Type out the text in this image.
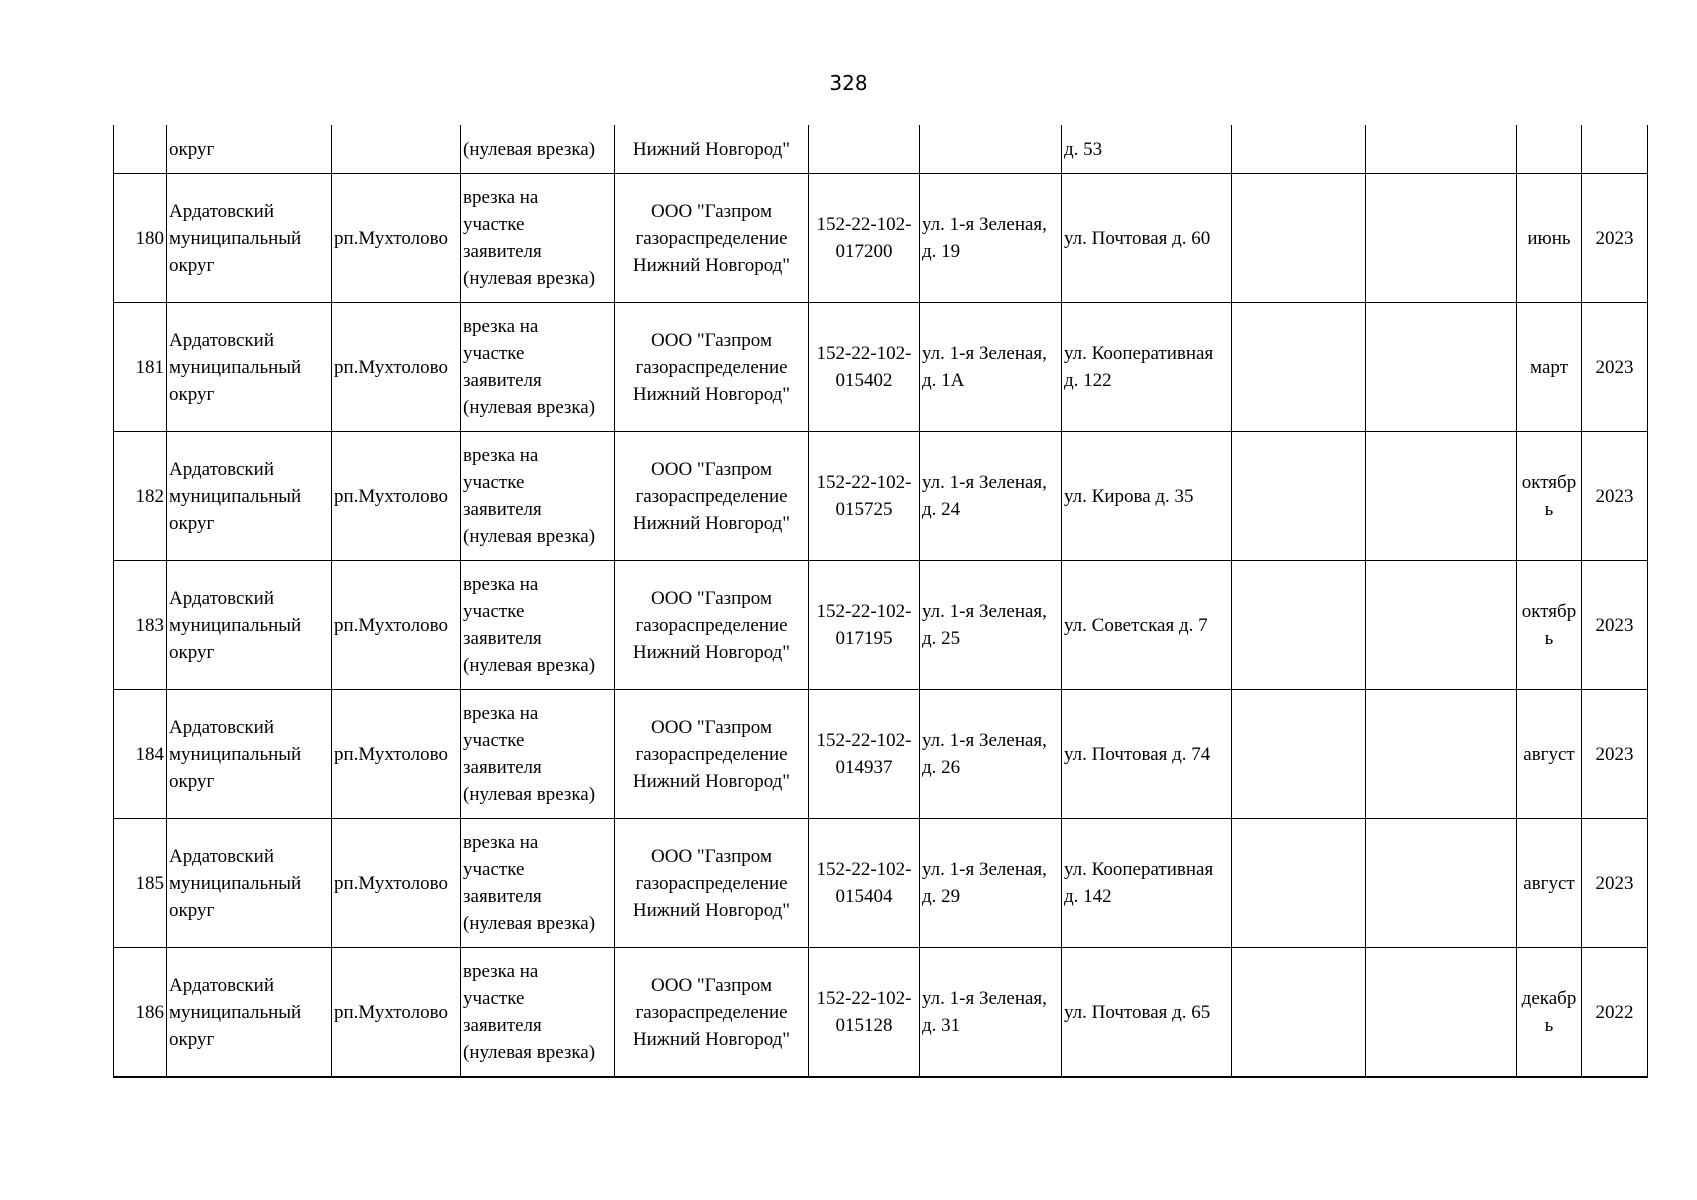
328
	округ		(нулевая врезка)	Нижний Новгород"			д. 53				
180	Ардатовский
муниципальный
округ	рп.Мухтолово	врезка на
участке
заявителя
(нулевая врезка)	ООО "Газпром
газораспределение
Нижний Новгород"	152-22-102-
017200	ул. 1-я Зеленая,
д. 19	ул. Почтовая д. 60			июнь	2023
181	Ардатовский
муниципальный
округ	рп.Мухтолово	врезка на
участке
заявителя
(нулевая врезка)	ООО "Газпром
газораспределение
Нижний Новгород"	152-22-102-
015402	ул. 1-я Зеленая,
д. 1А	ул. Кооперативная
д. 122			март	2023
182	Ардатовский
муниципальный
округ	рп.Мухтолово	врезка на
участке
заявителя
(нулевая врезка)	ООО "Газпром
газораспределение
Нижний Новгород"	152-22-102-
015725	ул. 1-я Зеленая,
д. 24	ул. Кирова д. 35			октябр
ь	2023
183	Ардатовский
муниципальный
округ	рп.Мухтолово	врезка на
участке
заявителя
(нулевая врезка)	ООО "Газпром
газораспределение
Нижний Новгород"	152-22-102-
017195	ул. 1-я Зеленая,
д. 25	ул. Советская д. 7			октябр
ь	2023
184	Ардатовский
муниципальный
округ	рп.Мухтолово	врезка на
участке
заявителя
(нулевая врезка)	ООО "Газпром
газораспределение
Нижний Новгород"	152-22-102-
014937	ул. 1-я Зеленая,
д. 26	ул. Почтовая д. 74			август	2023
185	Ардатовский
муниципальный
округ	рп.Мухтолово	врезка на
участке
заявителя
(нулевая врезка)	ООО "Газпром
газораспределение
Нижний Новгород"	152-22-102-
015404	ул. 1-я Зеленая,
д. 29	ул. Кооперативная
д. 142			август	2023
186	Ардатовский
муниципальный
округ	рп.Мухтолово	врезка на
участке
заявителя
(нулевая врезка)	ООО "Газпром
газораспределение
Нижний Новгород"	152-22-102-
015128	ул. 1-я Зеленая,
д. 31	ул. Почтовая д. 65			декабр
ь	2022
